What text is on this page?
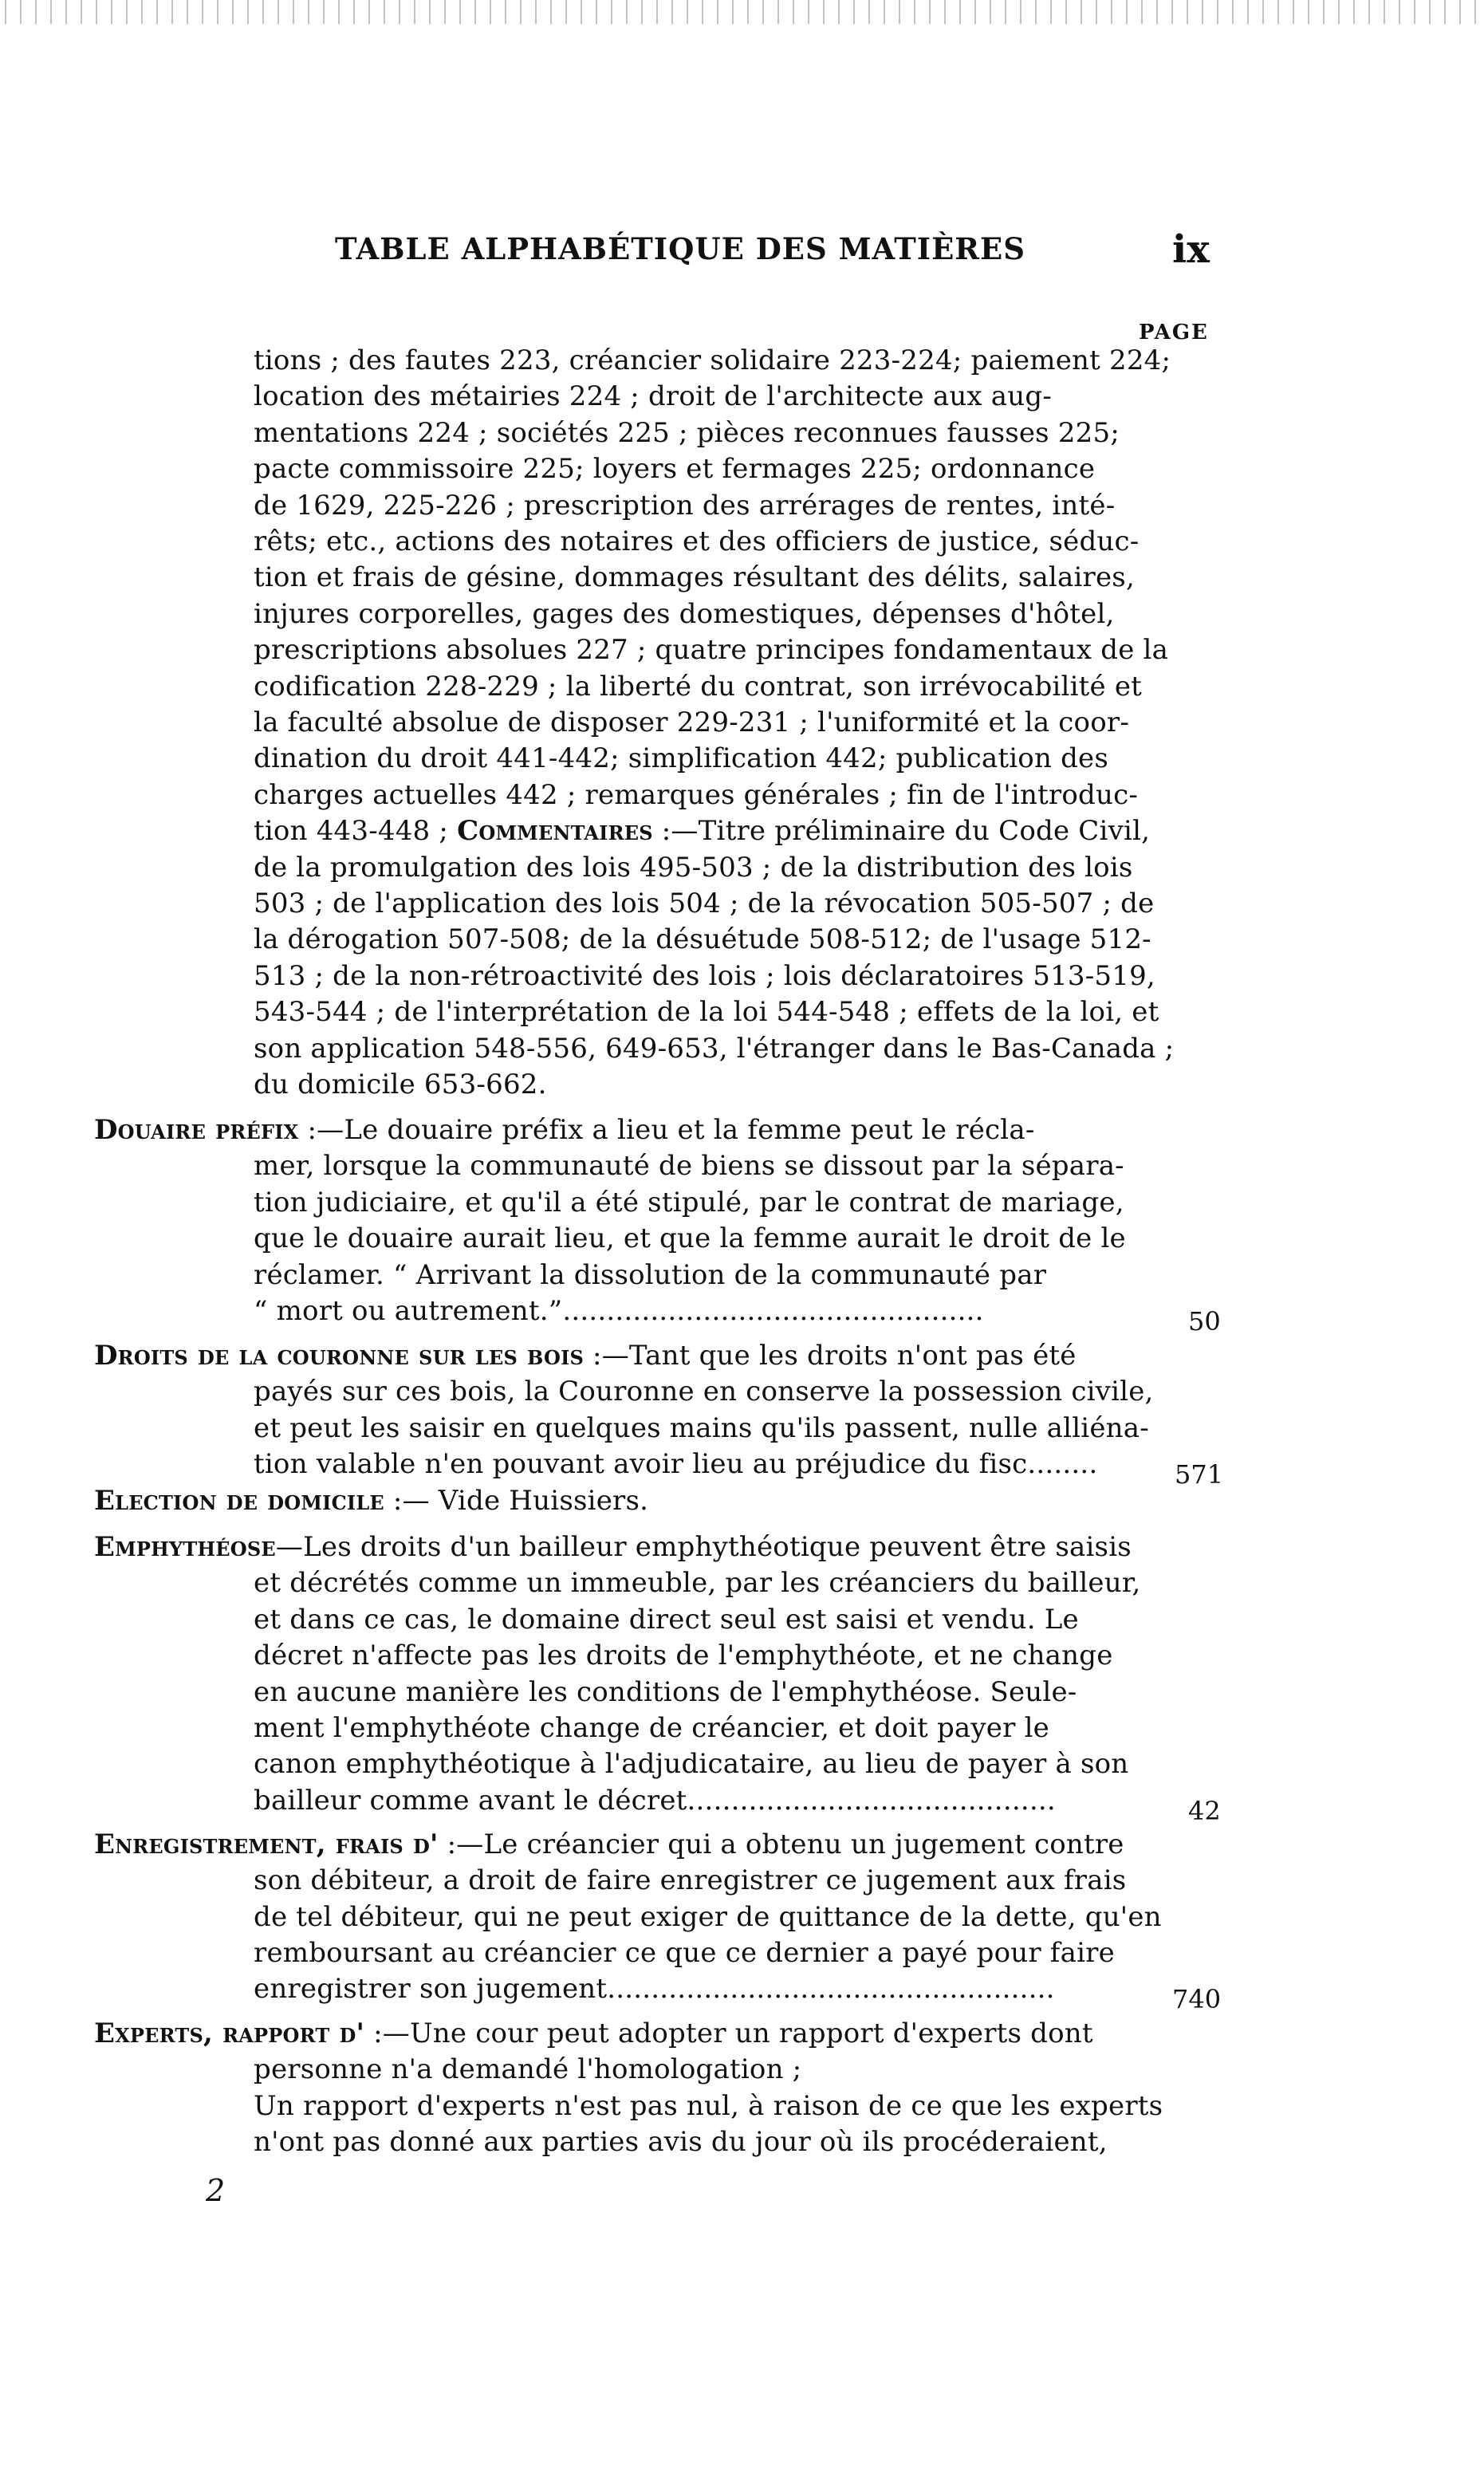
TABLE ALPHABÉTIQUE DES MATIÈRES	ix
PAGE
tions ; des fautes 223, créancier solidaire 223-224; paiement 224;
location des métairies 224 ; droit de l'architecte aux aug-
mentations 224 ; sociétés 225 ; pièces reconnues fausses 225;
pacte commissoire 225; loyers et fermages 225; ordonnance
de 1629, 225-226 ; prescription des arrérages de rentes, inté-
rêts; etc., actions des notaires et des officiers de justice, séduc-
tion et frais de gésine, dommages résultant des délits, salaires,
injures corporelles, gages des domestiques, dépenses d'hôtel,
prescriptions absolues 227 ; quatre principes fondamentaux de la
codification 228-229 ; la liberté du contrat, son irrévocabilité et
la faculté absolue de disposer 229-231 ; l'uniformité et la coor-
dination du droit 441-442; simplification 442; publication des
charges actuelles 442 ; remarques générales ; fin de l'introduc-
tion 443-448 ; Commentaires :—Titre préliminaire du Code Civil,
de la promulgation des lois 495-503 ; de la distribution des lois
503 ; de l'application des lois 504 ; de la révocation 505-507 ; de
la dérogation 507-508; de la désuétude 508-512; de l'usage 512-
513 ; de la non-rétroactivité des lois ; lois déclaratoires 513-519,
543-544 ; de l'interprétation de la loi 544-548 ; effets de la loi, et
son application 548-556, 649-653, l'étranger dans le Bas-Canada ;
du domicile 653-662.
Douaire préfix :—Le douaire préfix a lieu et la femme peut le récla-
mer, lorsque la communauté de biens se dissout par la sépara-
tion judiciaire, et qu'il a été stipulé, par le contrat de mariage,
que le douaire aurait lieu, et que la femme aurait le droit de le
réclamer. “ Arrivant la dissolution de la communauté par
“ mort ou autrement.”................................................	50
Droits de la couronne sur les bois :—Tant que les droits n'ont pas été
payés sur ces bois, la Couronne en conserve la possession civile,
et peut les saisir en quelques mains qu'ils passent, nulle alliéna-
tion valable n'en pouvant avoir lieu au préjudice du fisc........	571
Election de domicile :— Vide Huissiers.
Emphythéose—Les droits d'un bailleur emphythéotique peuvent être saisis
et décrétés comme un immeuble, par les créanciers du bailleur,
et dans ce cas, le domaine direct seul est saisi et vendu. Le
décret n'affecte pas les droits de l'emphythéote, et ne change
en aucune manière les conditions de l'emphythéose. Seule-
ment l'emphythéote change de créancier, et doit payer le
canon emphythéotique à l'adjudicataire, au lieu de payer à son
bailleur comme avant le décret..........................................	42
Enregistrement, frais d' :—Le créancier qui a obtenu un jugement contre
son débiteur, a droit de faire enregistrer ce jugement aux frais
de tel débiteur, qui ne peut exiger de quittance de la dette, qu'en
remboursant au créancier ce que ce dernier a payé pour faire
enregistrer son jugement...................................................	740
Experts, rapport d' :—Une cour peut adopter un rapport d'experts dont
personne n'a demandé l'homologation ;
Un rapport d'experts n'est pas nul, à raison de ce que les experts
n'ont pas donné aux parties avis du jour où ils procéderaient,
2
